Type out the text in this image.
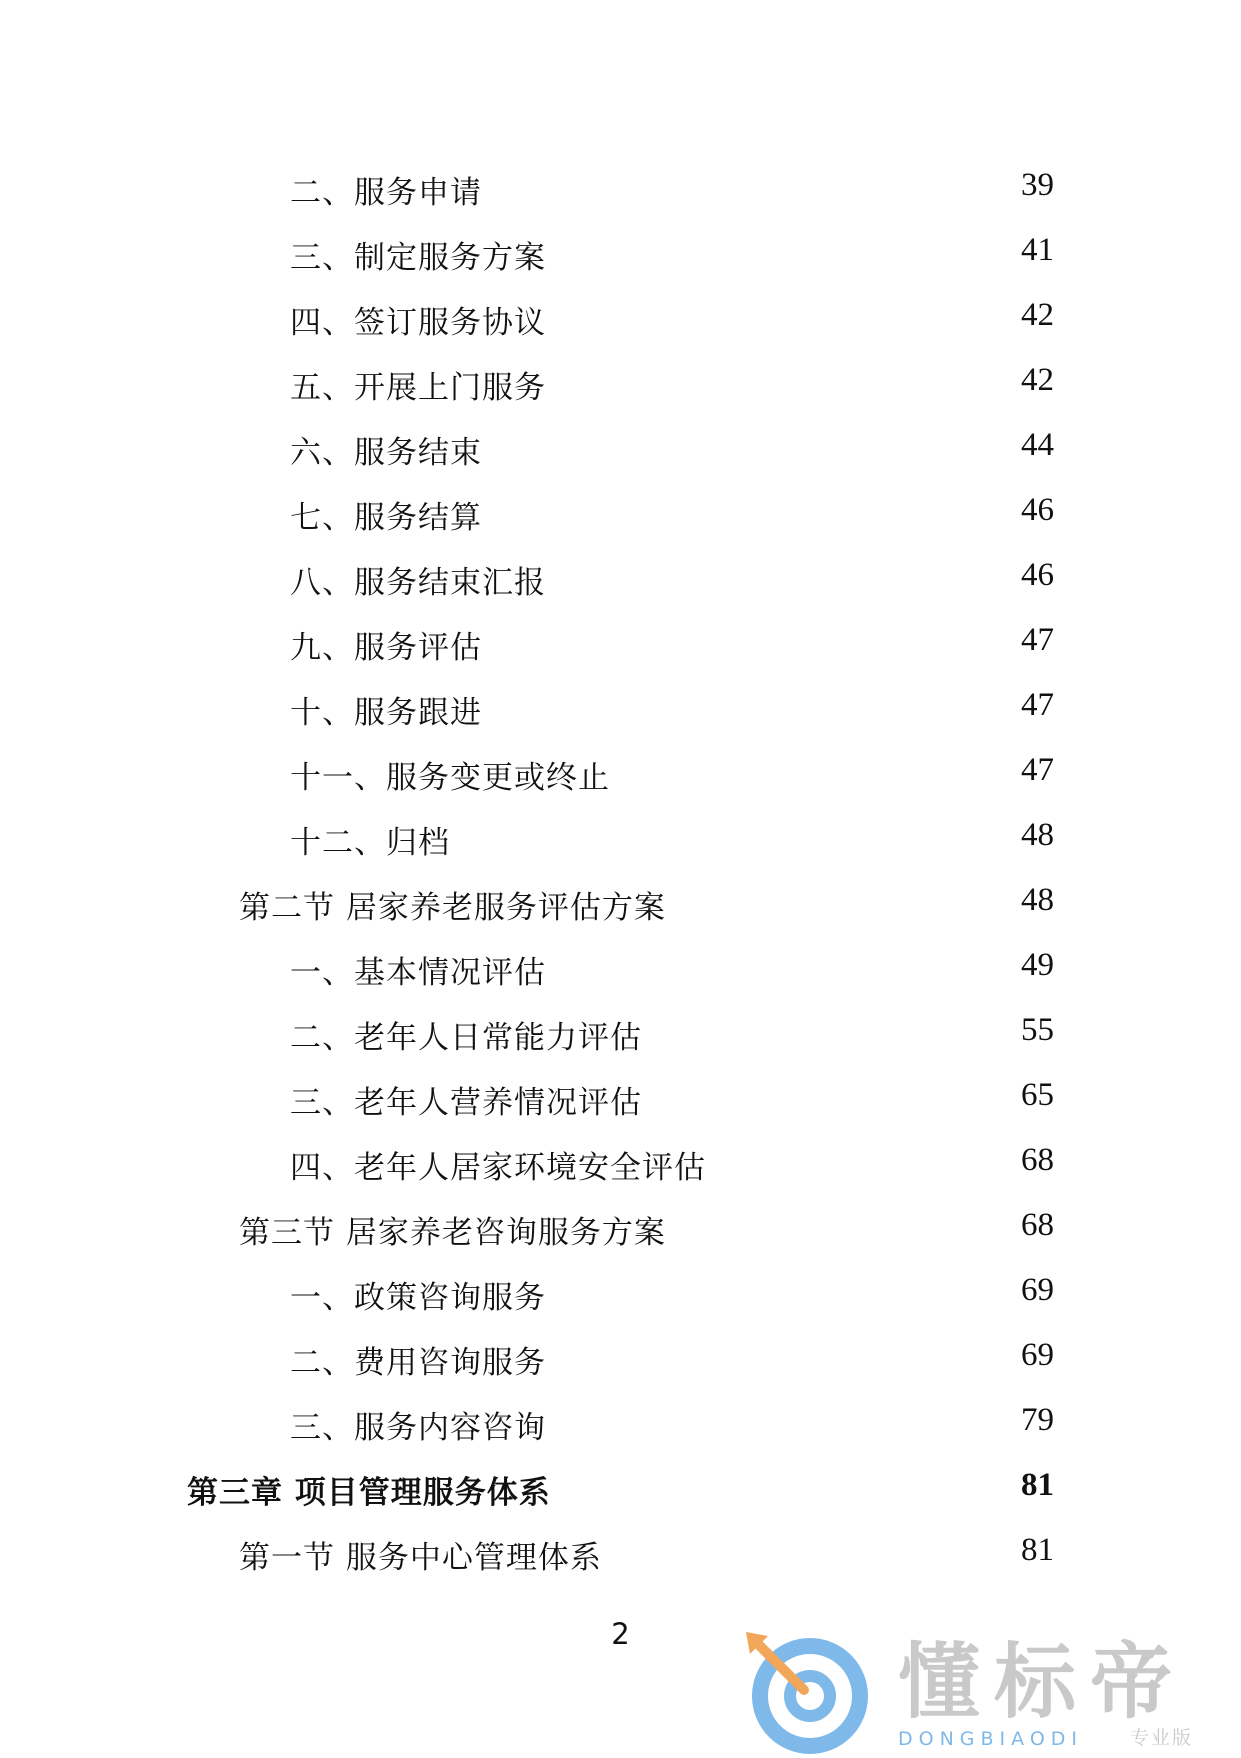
二、服务申请	39
三、制定服务方案	41
四、签订服务协议	42
五、开展上门服务	42
六、服务结束	44
七、服务结算	46
八、服务结束汇报	46
九、服务评估	47
十、服务跟进	47
十一、服务变更或终止	47
十二、归档	48
第二节 居家养老服务评估方案	48
一、基本情况评估	49
二、老年人日常能力评估	55
三、老年人营养情况评估	65
四、老年人居家环境安全评估	68
第三节 居家养老咨询服务方案	68
一、政策咨询服务	69
二、费用咨询服务	69
三、服务内容咨询	79
第三章 项目管理服务体系	81
第一节 服务中心管理体系	81
2
懂标帝
DONGBIAODI 专业版
